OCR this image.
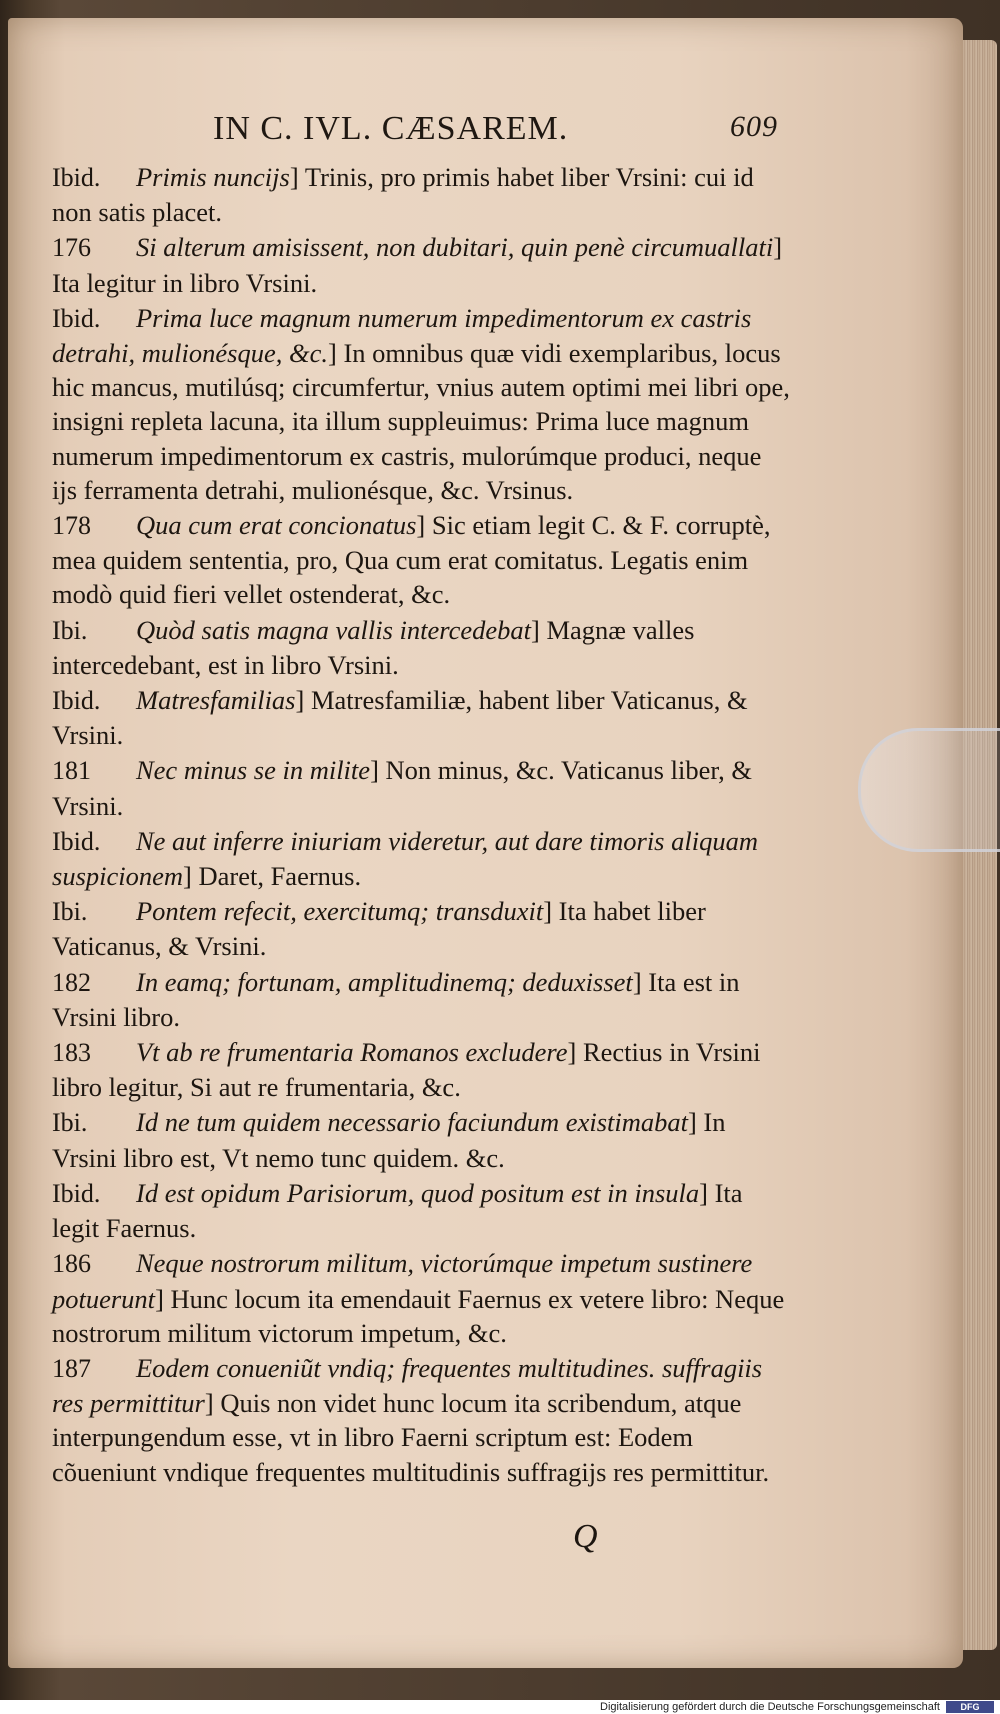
IN C. IVL. CÆSAREM.	609
Ibid. Primis nuncijs] Trinis, pro primis habet liber Vrsini: cui id non satis placet.
176 Si alterum amisissent, non dubitari, quin penè circumuallati] Ita legitur in libro Vrsini.
Ibid. Prima luce magnum numerum impedimentorum ex castris detrahi, mulionésque, &c.] In omnibus quæ vidi exemplaribus, locus hic mancus, mutilúsq; circumfertur, vnius autem optimi mei libri ope, insigni repleta lacuna, ita illum suppleuimus: Prima luce magnum numerum impedimentorum ex castris, mulorúmque produci, neque ijs ferramenta detrahi, mulionésque, &c. Vrsinus.
178 Qua cum erat concionatus] Sic etiam legit C. & F. corruptè, mea quidem sententia, pro, Qua cum erat comitatus. Legatis enim modò quid fieri vellet ostenderat, &c.
Ibi. Quòd satis magna vallis intercedebat] Magnæ valles intercedebant, est in libro Vrsini.
Ibid. Matresfamilias] Matresfamiliæ, habent liber Vaticanus, & Vrsini.
181 Nec minus se in milite] Non minus, &c. Vaticanus liber, & Vrsini.
Ibid. Ne aut inferre iniuriam videretur, aut dare timoris aliquam suspicionem] Daret, Faernus.
Ibi. Pontem refecit, exercitumq; transduxit] Ita habet liber Vaticanus, & Vrsini.
182 In eamq; fortunam, amplitudinemq; deduxisset] Ita est in Vrsini libro.
183 Vt ab re frumentaria Romanos excludere] Rectius in Vrsini libro legitur, Si aut re frumentaria, &c.
Ibi. Id ne tum quidem necessario faciundum existimabat] In Vrsini libro est, Vt nemo tunc quidem. &c.
Ibid. Id est opidum Parisiorum, quod positum est in insula] Ita legit Faernus.
186 Neque nostrorum militum, victorúmque impetum sustinere potuerunt] Hunc locum ita emendauit Faernus ex vetere libro: Neque nostrorum militum victorum impetum, &c.
187 Eodem conueniũt vndiq; frequentes multitudines. suffragiis res permittitur] Quis non videt hunc locum ita scribendum, atque interpungendum esse, vt in libro Faerni scriptum est: Eodem cõueniunt vndique frequentes multitudinis suffragijs res permittitur.
Q
Digitalisierung gefördert durch die Deutsche Forschungsgemeinschaft	DFG
